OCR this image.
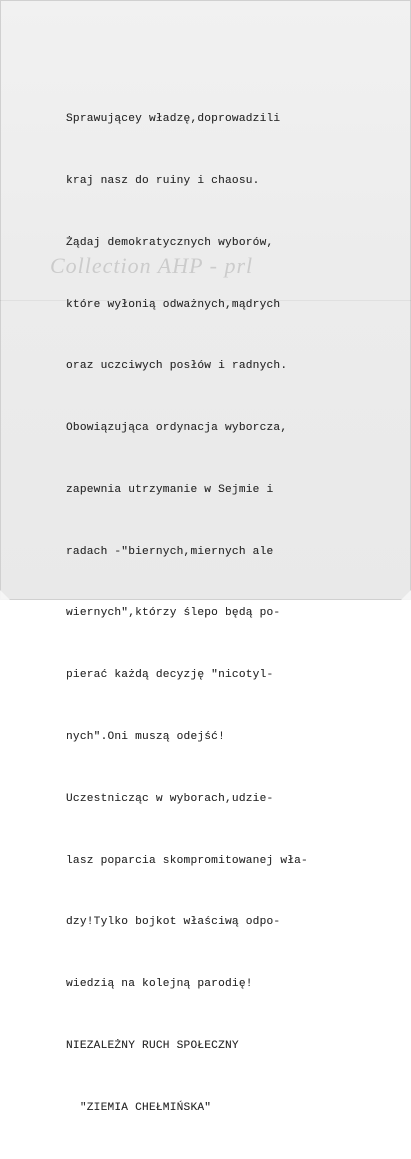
Sprawującey władzę,doprowadzili

kraj nasz do ruiny i chaosu.

Żądaj demokratycznych wyborów,

które wyłonią odważnych,mądrych

oraz uczciwych posłów i radnych.

Obowiązująca ordynacja wyborcza,

zapewnia utrzymanie w Sejmie i

radach -"biernych,miernych ale

wiernych",którzy ślepo będą po-

pierać każdą decyzję "nicotyl-

nych".Oni muszą odejść!

Uczestnicząc w wyborach,udzie-

lasz poparcia skompromitowanej wła-

dzy!Tylko bojkot właściwą odpo-

wiedzią na kolejną parodię!

NIEZALEŻNY RUCH SPOŁECZNY

"ZIEMIA CHEŁMIŃSKA"

Collection AHP - prl
